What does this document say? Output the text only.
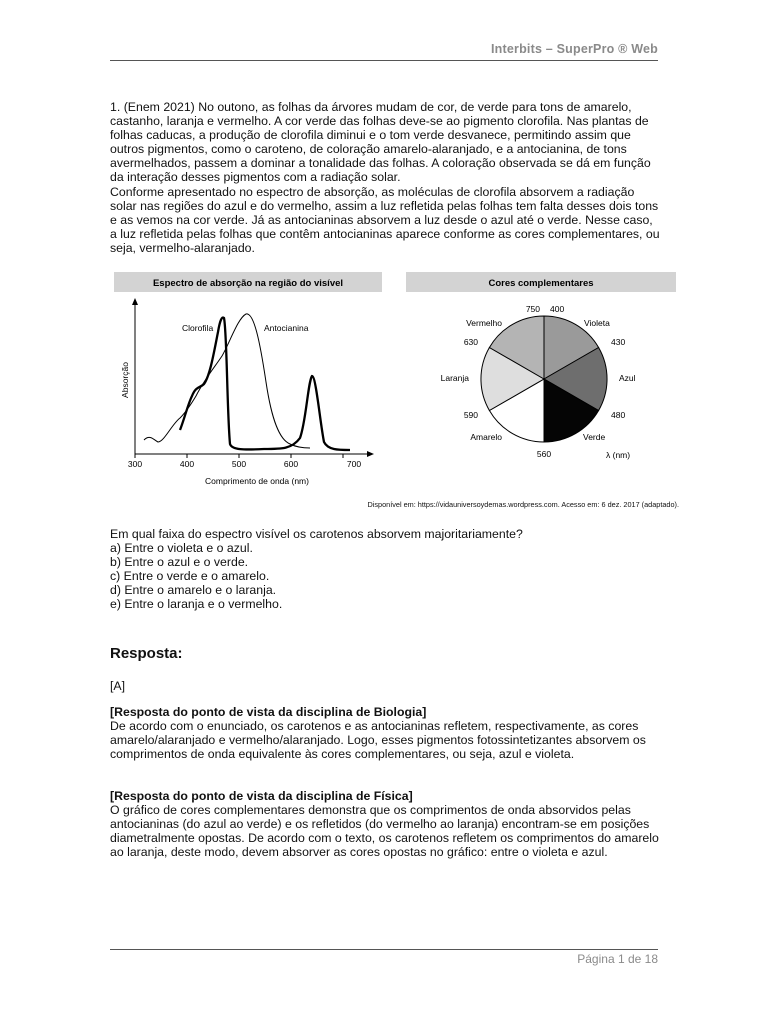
Interbits – SuperPro ® Web
1. (Enem 2021) No outono, as folhas da árvores mudam de cor, de verde para tons de amarelo, castanho, laranja e vermelho. A cor verde das folhas deve-se ao pigmento clorofila. Nas plantas de folhas caducas, a produção de clorofila diminui e o tom verde desvanece, permitindo assim que outros pigmentos, como o caroteno, de coloração amarelo-alaranjado, e a antocianina, de tons avermelhados, passem a dominar a tonalidade das folhas. A coloração observada se dá em função da interação desses pigmentos com a radiação solar.
Conforme apresentado no espectro de absorção, as moléculas de clorofila absorvem a radiação solar nas regiões do azul e do vermelho, assim a luz refletida pelas folhas tem falta desses dois tons e as vemos na cor verde. Já as antocianinas absorvem a luz desde o azul até o verde. Nesse caso, a luz refletida pelas folhas que contêm antocianinas aparece conforme as cores complementares, ou seja, vermelho-alaranjado.
Espectro de absorção na região do visível	Cores complementares
300	400	500	600	700
Comprimento de onda (nm)
Absorção
Clorofila	Antocianina	Vermelho	Violeta
Azul
Verde
Amarelo
Laranja
750 400
430
480
560
590
630
λ (nm)
Disponível em: https://vidauniversoydemas.wordpress.com. Acesso em: 6 dez. 2017 (adaptado).
Em qual faixa do espectro visível os carotenos absorvem majoritariamente?
a) Entre o violeta e o azul.
b) Entre o azul e o verde.
c) Entre o verde e o amarelo.
d) Entre o amarelo e o laranja.
e) Entre o laranja e o vermelho.
Resposta:
[A]
[Resposta do ponto de vista da disciplina de Biologia]
De acordo com o enunciado, os carotenos e as antocianinas refletem, respectivamente, as cores amarelo/alaranjado e vermelho/alaranjado. Logo, esses pigmentos fotossintetizantes absorvem os comprimentos de onda equivalente às cores complementares, ou seja, azul e violeta.
[Resposta do ponto de vista da disciplina de Física]
O gráfico de cores complementares demonstra que os comprimentos de onda absorvidos pelas antocianinas (do azul ao verde) e os refletidos (do vermelho ao laranja) encontram-se em posições diametralmente opostas. De acordo com o texto, os carotenos refletem os comprimentos do amarelo ao laranja, deste modo, devem absorver as cores opostas no gráfico: entre o violeta e azul.
Página 1 de 18
